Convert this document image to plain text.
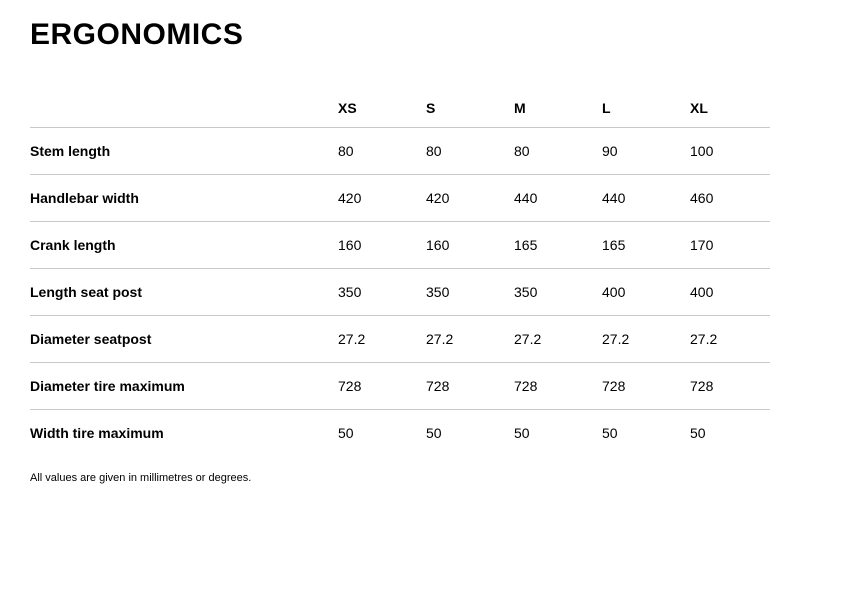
ERGONOMICS
	XS	S	M	L	XL
Stem length	80	80	80	90	100
Handlebar width	420	420	440	440	460
Crank length	160	160	165	165	170
Length seat post	350	350	350	400	400
Diameter seatpost	27.2	27.2	27.2	27.2	27.2
Diameter tire maximum	728	728	728	728	728
Width tire maximum	50	50	50	50	50

All values are given in millimetres or degrees.
